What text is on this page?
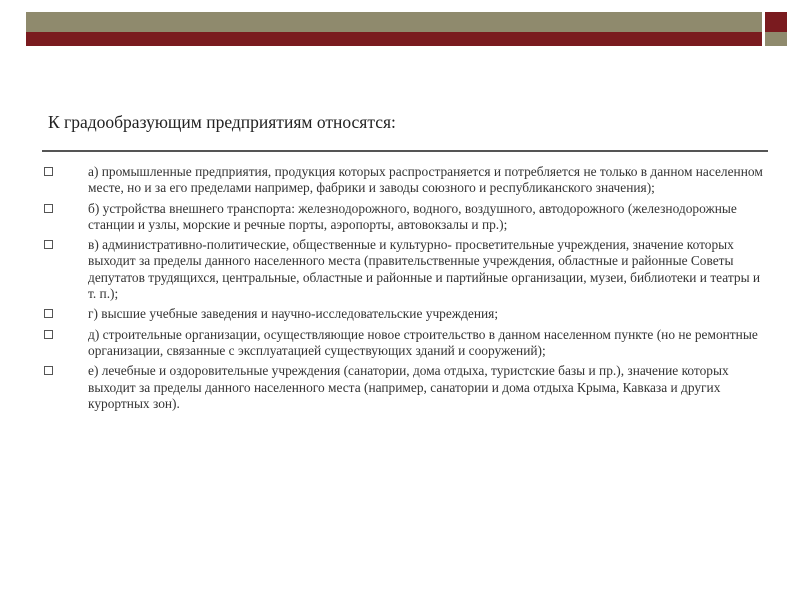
К градообразующим предприятиям относятся:
а) промышленные предприятия, продукция которых распространяется и потребляется не только в данном населенном месте, но и за его пределами например, фабрики и заводы союзного и республиканского значения);
б) устройства внешнего транспорта: железнодорожного, водного, воздушного, автодорожного (железнодорожные станции и узлы, морские и речные порты, аэропорты, автовокзалы и пр.);
в) административно-политические, общественные и культурно- просветительные учреждения, значение которых выходит за пределы данного населенного места (правительственные учреждения, областные и районные Советы депутатов трудящихся, центральные, областные и районные и партийные организации, музеи, библиотеки и театры и т. п.);
г) высшие учебные заведения и научно-исследовательские учреждения;
д) строительные организации, осуществляющие новое строительство в данном населенном пункте (но не ремонтные организации, связанные с эксплуатацией существующих зданий и сооружений);
е) лечебные и оздоровительные учреждения (санатории, дома отдыха, туристские базы и пр.), значение которых выходит за пределы данного населенного места (например, санатории и дома отдыха Крыма, Кавказа и других курортных зон).
